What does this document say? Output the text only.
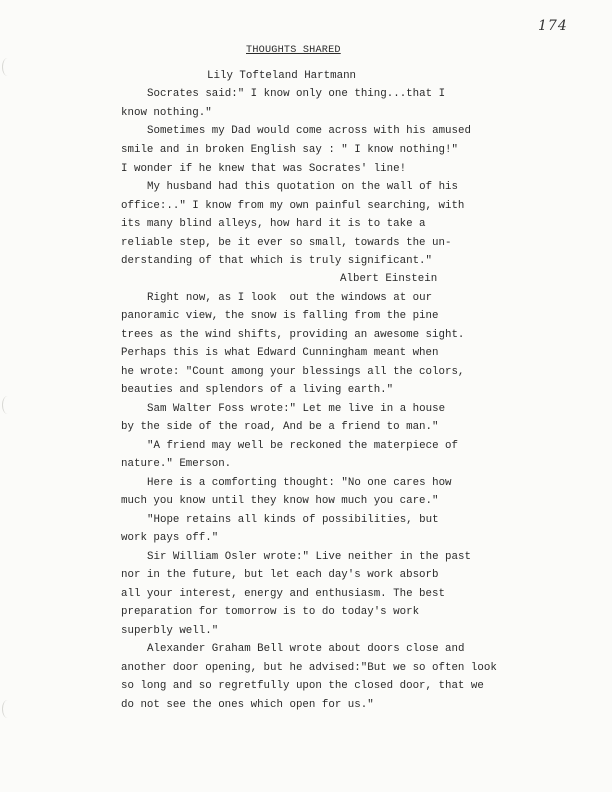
174
THOUGHTS SHARED
Lily Tofteland Hartmann
Socrates said:" I know only one thing...that I
know nothing."
Sometimes my Dad would come across with his amused
smile and in broken English say : " I know nothing!"
I wonder if he knew that was Socrates' line!
My husband had this quotation on the wall of his
office:.." I know from my own painful searching, with
its many blind alleys, how hard it is to take a
reliable step, be it ever so small, towards the un-
derstanding of that which is truly significant."
Albert Einstein
Right now, as I look  out the windows at our
panoramic view, the snow is falling from the pine
trees as the wind shifts, providing an awesome sight.
Perhaps this is what Edward Cunningham meant when
he wrote: "Count among your blessings all the colors,
beauties and splendors of a living earth."
Sam Walter Foss wrote:" Let me live in a house
by the side of the road, And be a friend to man."
"A friend may well be reckoned the materpiece of
nature." Emerson.
Here is a comforting thought: "No one cares how
much you know until they know how much you care."
"Hope retains all kinds of possibilities, but
work pays off."
Sir William Osler wrote:" Live neither in the past
nor in the future, but let each day's work absorb
all your interest, energy and enthusiasm. The best
preparation for tomorrow is to do today's work
superbly well."
Alexander Graham Bell wrote about doors close and
another door opening, but he advised:"But we so often look
so long and so regretfully upon the closed door, that we
do not see the ones which open for us."
